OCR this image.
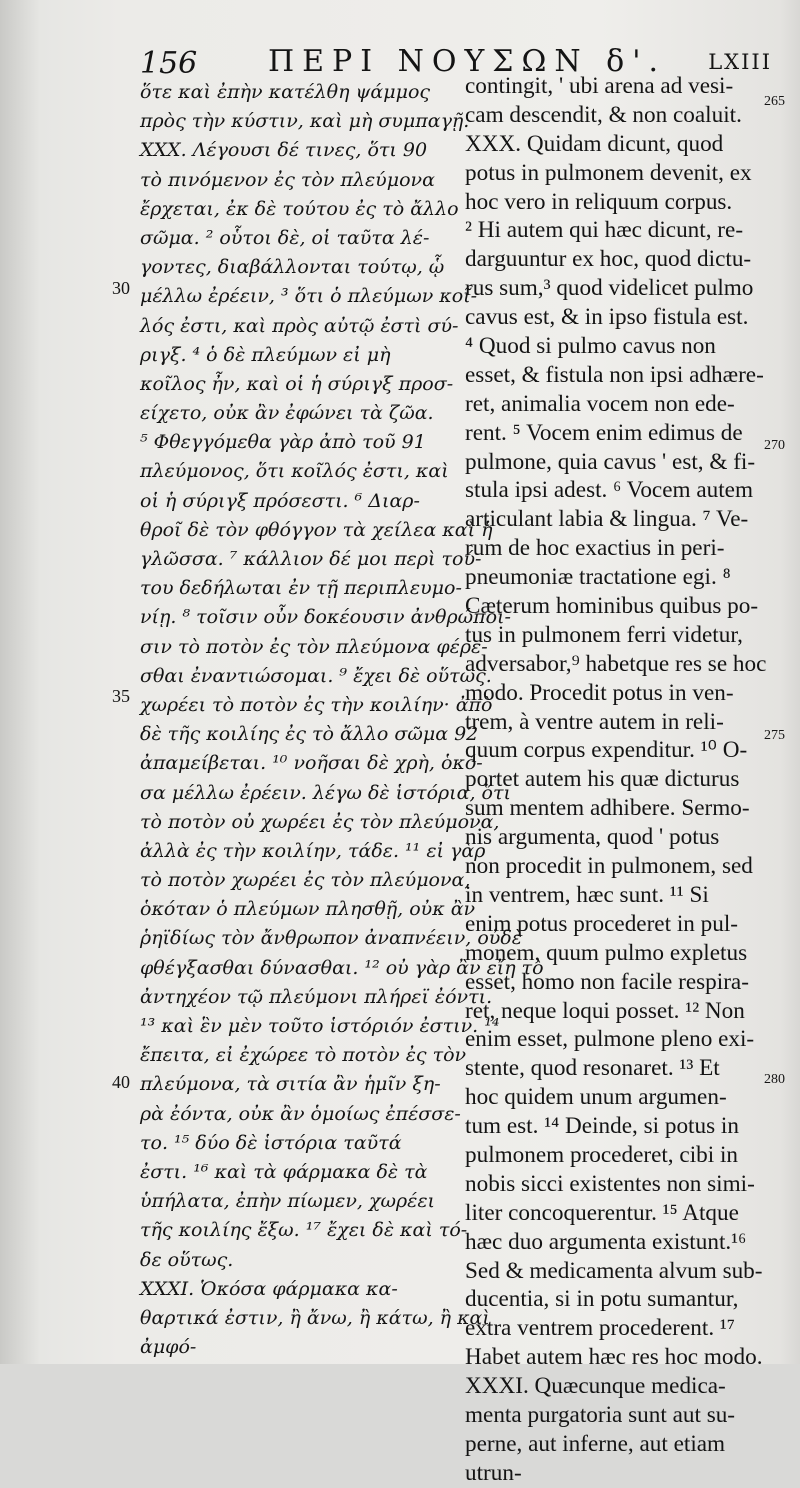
156 ΠΕΡΙ ΝΟΥΣΩΝ δ'. LXIII
ὅτε καὶ ἐπὴν κατέλθη ψάμμος
πρὸς τὴν κύστιν, καὶ μὴ συμπαγῇ.
XXX. Λέγουσι δέ τινες, ὅτι 90
τὸ πινόμενον ἐς τὸν πλεύμονα
ἔρχεται, ἐκ δὲ τούτου ἐς τὸ ἄλλο
σῶμα. ² οὗτοι δὲ, οἱ ταῦτα λέ-
γοντες, διαβάλλονται τούτῳ, ᾧ
μέλλω ἐρέειν, ³ ὅτι ὁ πλεύμων κοῖ-
λός ἐστι, καὶ πρὸς αὐτῷ ἐστὶ σύ-
ριγξ. ⁴ ὁ δὲ πλεύμων εἰ μὴ
κοῖλος ἦν, καὶ οἱ ἡ σύριγξ προσ-
είχετο, οὐκ ἂν ἐφώνει τὰ ζῶα.
⁵ Φθεγγόμεθα γὰρ ἀπὸ τοῦ 91
πλεύμονος, ὅτι κοῖλός ἐστι, καὶ
οἱ ἡ σύριγξ πρόσεστι. ⁶ Διαρ-
θροῖ δὲ τὸν φθόγγον τὰ χείλεα καὶ ἡ
γλῶσσα. ⁷ κάλλιον δέ μοι περὶ τού-
του δεδήλωται ἐν τῇ περιπλευμο-
νίῃ. ⁸ τοῖσιν οὖν δοκέουσιν ἀνθρώποι-
σιν τὸ ποτὸν ἐς τὸν πλεύμονα φέρε-
σθαι ἐναντιώσομαι. ⁹ ἔχει δὲ οὕτως.
χωρέει τὸ ποτὸν ἐς τὴν κοιλίην· ἀπὸ
δὲ τῆς κοιλίης ἐς τὸ ἄλλο σῶμα 92
ἀπαμείβεται. ¹⁰ νοῆσαι δὲ χρὴ, ὁκό-
σα μέλλω ἐρέειν. λέγω δὲ ἱστόρια, ὅτι
τὸ ποτὸν οὐ χωρέει ἐς τὸν πλεύμονα,
ἀλλὰ ἐς τὴν κοιλίην, τάδε. ¹¹ εἰ γὰρ
τὸ ποτὸν χωρέει ἐς τὸν πλεύμονα,
ὁκόταν ὁ πλεύμων πλησθῇ, οὐκ ἂν
ῥηϊδίως τὸν ἄνθρωπον ἀναπνέειν, οὐδὲ
φθέγξασθαι δύνασθαι. ¹² οὐ γὰρ ἂν εἴη τὸ
ἀντηχέον τῷ πλεύμονι πλήρεϊ ἐόντι.
¹³ καὶ ἓν μὲν τοῦτο ἱστόριόν ἐστιν. ¹⁴
ἔπειτα, εἰ ἐχώρεε τὸ ποτὸν ἐς τὸν
πλεύμονα, τὰ σιτία ἂν ἡμῖν ξη-
ρὰ ἐόντα, οὐκ ἂν ὁμοίως ἐπέσσε-
το. ¹⁵ δύο δὲ ἱστόρια ταῦτά
ἐστι. ¹⁶ καὶ τὰ φάρμακα δὲ τὰ
ὑπήλατα, ἐπὴν πίωμεν, χωρέει
τῆς κοιλίης ἔξω. ¹⁷ ἔχει δὲ καὶ τό-
δε οὕτως.
XXXI. Ὁκόσα φάρμακα κα-
θαρτικά ἐστιν, ἢ ἄνω, ἢ κάτω, ἢ καὶ
ἀμφό-
contingit, ' ubi arena ad vesi-
cam descendit, & non coaluit.
XXX. Quidam dicunt, quod
potus in pulmonem devenit, ex
hoc vero in reliquum corpus.
² Hi autem qui hæc dicunt, re-
darguuntur ex hoc, quod dictu-
rus sum,³ quod videlicet pulmo
cavus est, & in ipso fistula est.
⁴ Quod si pulmo cavus non
esset, & fistula non ipsi adhære-
ret, animalia vocem non ede-
rent. ⁵ Vocem enim edimus de
pulmone, quia cavus ' est, & fi-
stula ipsi adest. ⁶ Vocem autem
articulant labia & lingua. ⁷ Ve-
rum de hoc exactius in peri-
pneumoniæ tractatione egi. ⁸
Cæterum hominibus quibus po-
tus in pulmonem ferri videtur,
adversabor,⁹ habetque res se hoc
modo. Procedit potus in ven-
trem, à ventre autem in reli-
quum corpus expenditur. ¹⁰ O-
portet autem his quæ dicturus
sum mentem adhibere. Sermo-
nis argumenta, quod ' potus
non procedit in pulmonem, sed
in ventrem, hæc sunt. ¹¹ Si
enim potus procederet in pul-
monem, quum pulmo expletus
esset, homo non facile respira-
ret, neque loqui posset. ¹² Non
enim esset, pulmone pleno exi-
stente, quod resonaret. ¹³ Et
hoc quidem unum argumen-
tum est. ¹⁴ Deinde, si potus in
pulmonem procederet, cibi in
nobis sicci existentes non simi-
liter concoquerentur. ¹⁵ Atque
hæc duo argumenta existunt.¹⁶
Sed & medicamenta alvum sub-
ducentia, si in potu sumantur,
extra ventrem procederent. ¹⁷
Habet autem hæc res hoc modo.
XXXI. Quæcunque medica-
menta purgatoria sunt aut su-
perne, aut inferne, aut etiam
utrun-
30
35
40
265
270
275
280
